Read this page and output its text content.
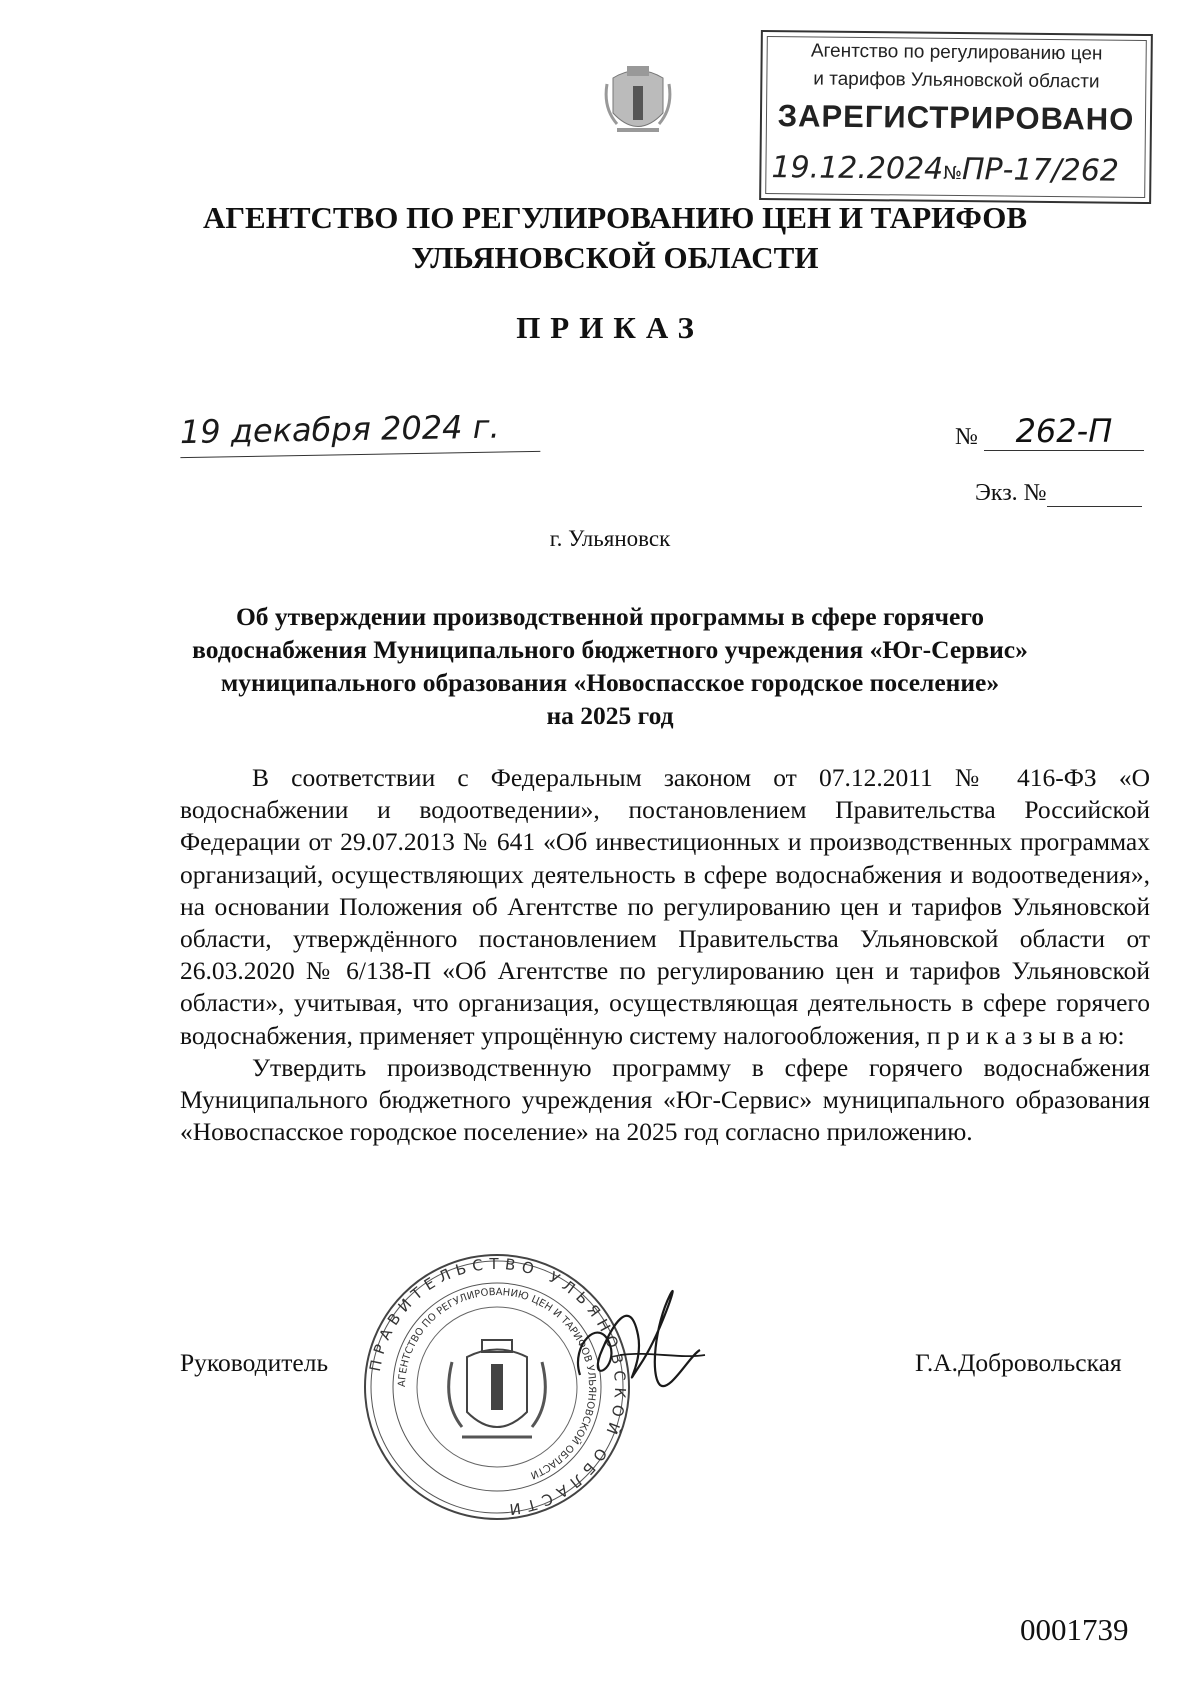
Агентство по регулированию цен
и тарифов Ульяновской области
ЗАРЕГИСТРИРОВАНО
19.12.2024№ПР-17/262
АГЕНТСТВО ПО РЕГУЛИРОВАНИЮ ЦЕН И ТАРИФОВ
УЛЬЯНОВСКОЙ ОБЛАСТИ
ПРИКАЗ
19 декабря 2024 г.	№ 262-П
Экз. №
г. Ульяновск
Об утверждении производственной программы в сфере горячего
водоснабжения Муниципального бюджетного учреждения «Юг-Сервис»
муниципального образования «Новоспасское городское поселение»
на 2025 год

В соответствии с Федеральным законом от 07.12.2011 № 416-ФЗ «О водоснабжении и водоотведении», постановлением Правительства Российской Федерации от 29.07.2013 № 641 «Об инвестиционных и производственных программах организаций, осуществляющих деятельность в сфере водоснабжения и водоотведения», на основании Положения об Агентстве по регулированию цен и тарифов Ульяновской области, утверждённого постановлением Правительства Ульяновской области от 26.03.2020 № 6/138-П «Об Агентстве по регулированию цен и тарифов Ульяновской области», учитывая, что организация, осуществляющая деятельность в сфере горячего водоснабжения, применяет упрощённую систему налогообложения, п р и к а з ы в а ю:

Утвердить производственную программу в сфере горячего водоснабжения Муниципального бюджетного учреждения «Юг-Сервис» муниципального образования «Новоспасское городское поселение» на 2025 год согласно приложению.

ПРАВИТЕЛЬСТВО УЛЬЯНОВСКОЙ ОБЛАСТИ
АГЕНТСТВО ПО РЕГУЛИРОВАНИЮ ЦЕН И ТАРИФОВ УЛЬЯНОВСКОЙ ОБЛАСТИ
Руководитель	Г.А.Добровольская
0001739
